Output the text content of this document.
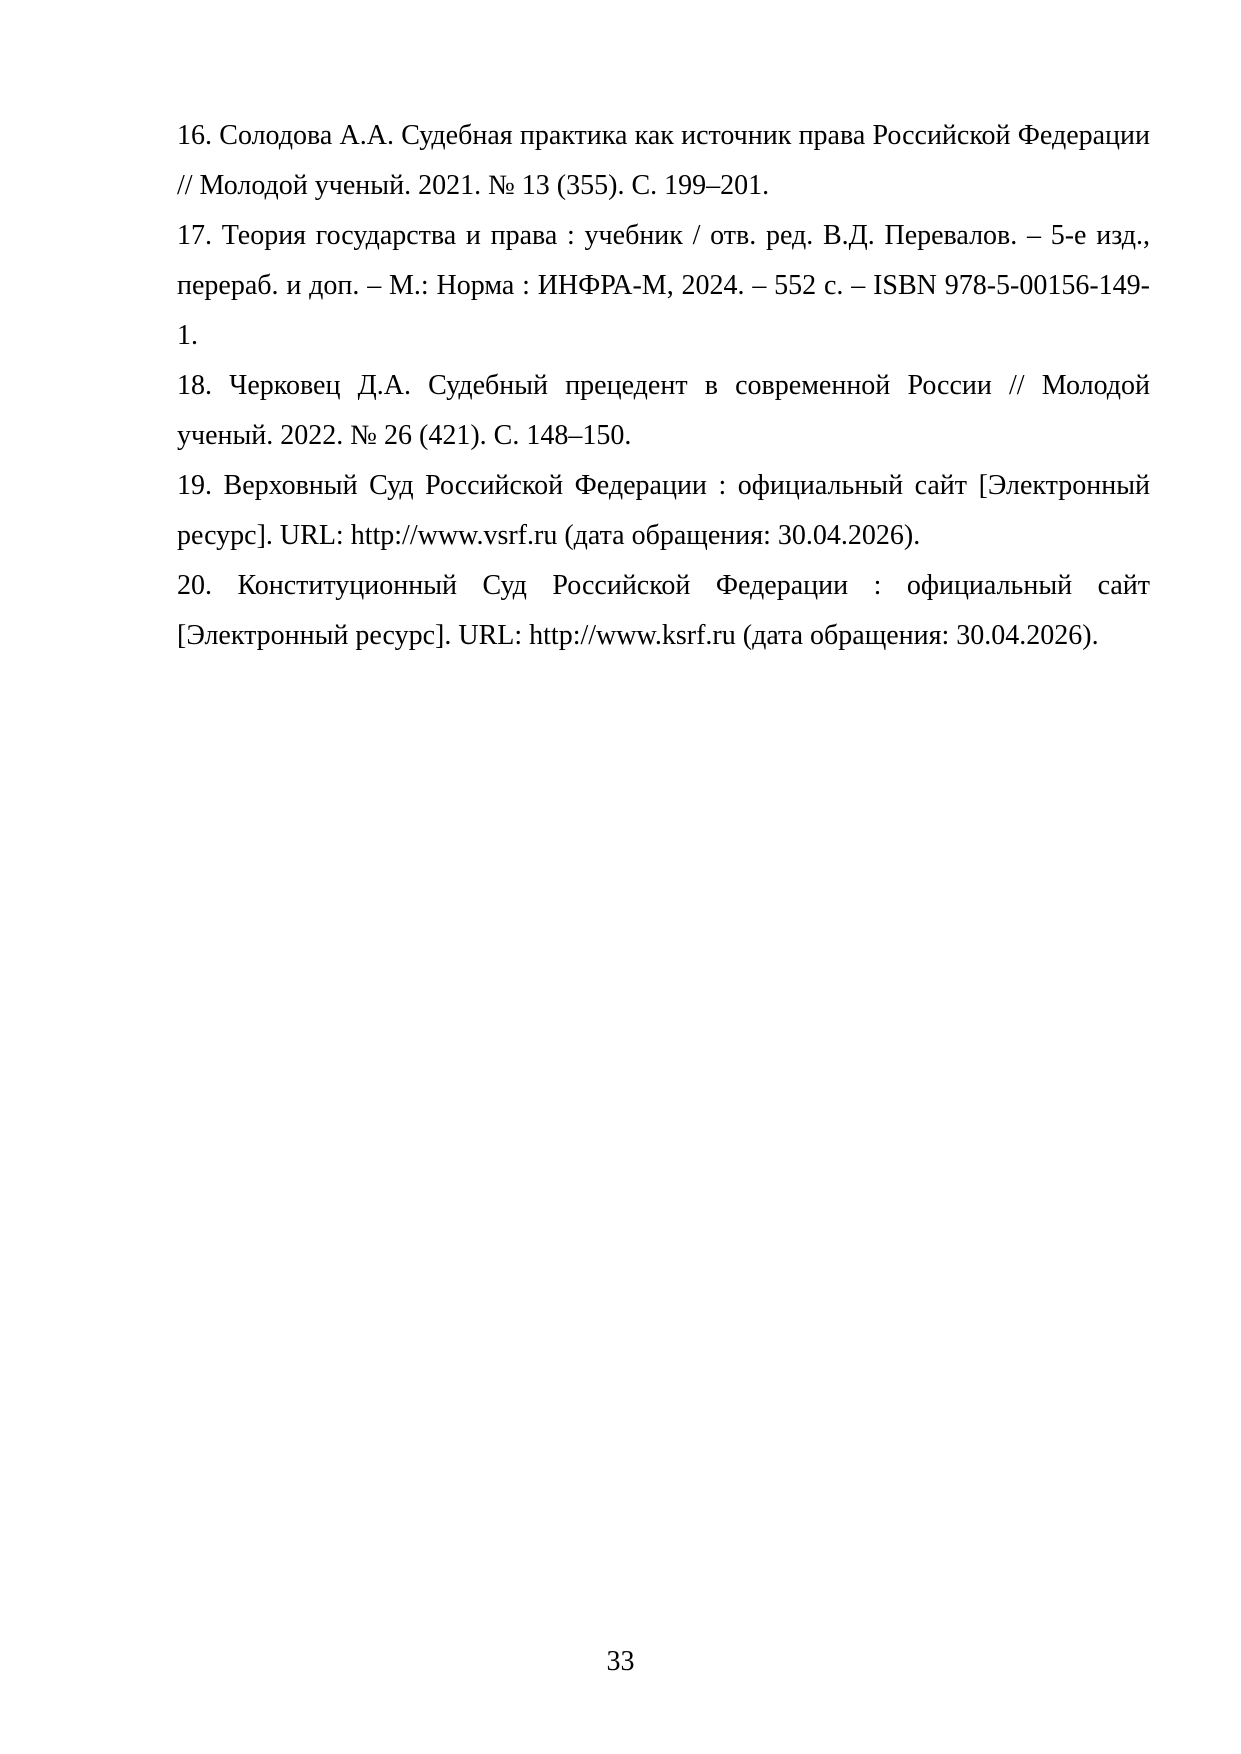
16. Солодова А.А. Судебная практика как источник права Российской Федерации // Молодой ученый. 2021. № 13 (355). С. 199–201.
17. Теория государства и права : учебник / отв. ред. В.Д. Перевалов. – 5-е изд., перераб. и доп. – М.: Норма : ИНФРА-М, 2024. – 552 с. – ISBN 978-5-00156-149-1.
18. Черковец Д.А. Судебный прецедент в современной России // Молодой ученый. 2022. № 26 (421). С. 148–150.
19. Верховный Суд Российской Федерации : официальный сайт [Электронный ресурс]. URL: http://www.vsrf.ru (дата обращения: 30.04.2026).
20. Конституционный Суд Российской Федерации : официальный сайт [Электронный ресурс]. URL: http://www.ksrf.ru (дата обращения: 30.04.2026).
33
